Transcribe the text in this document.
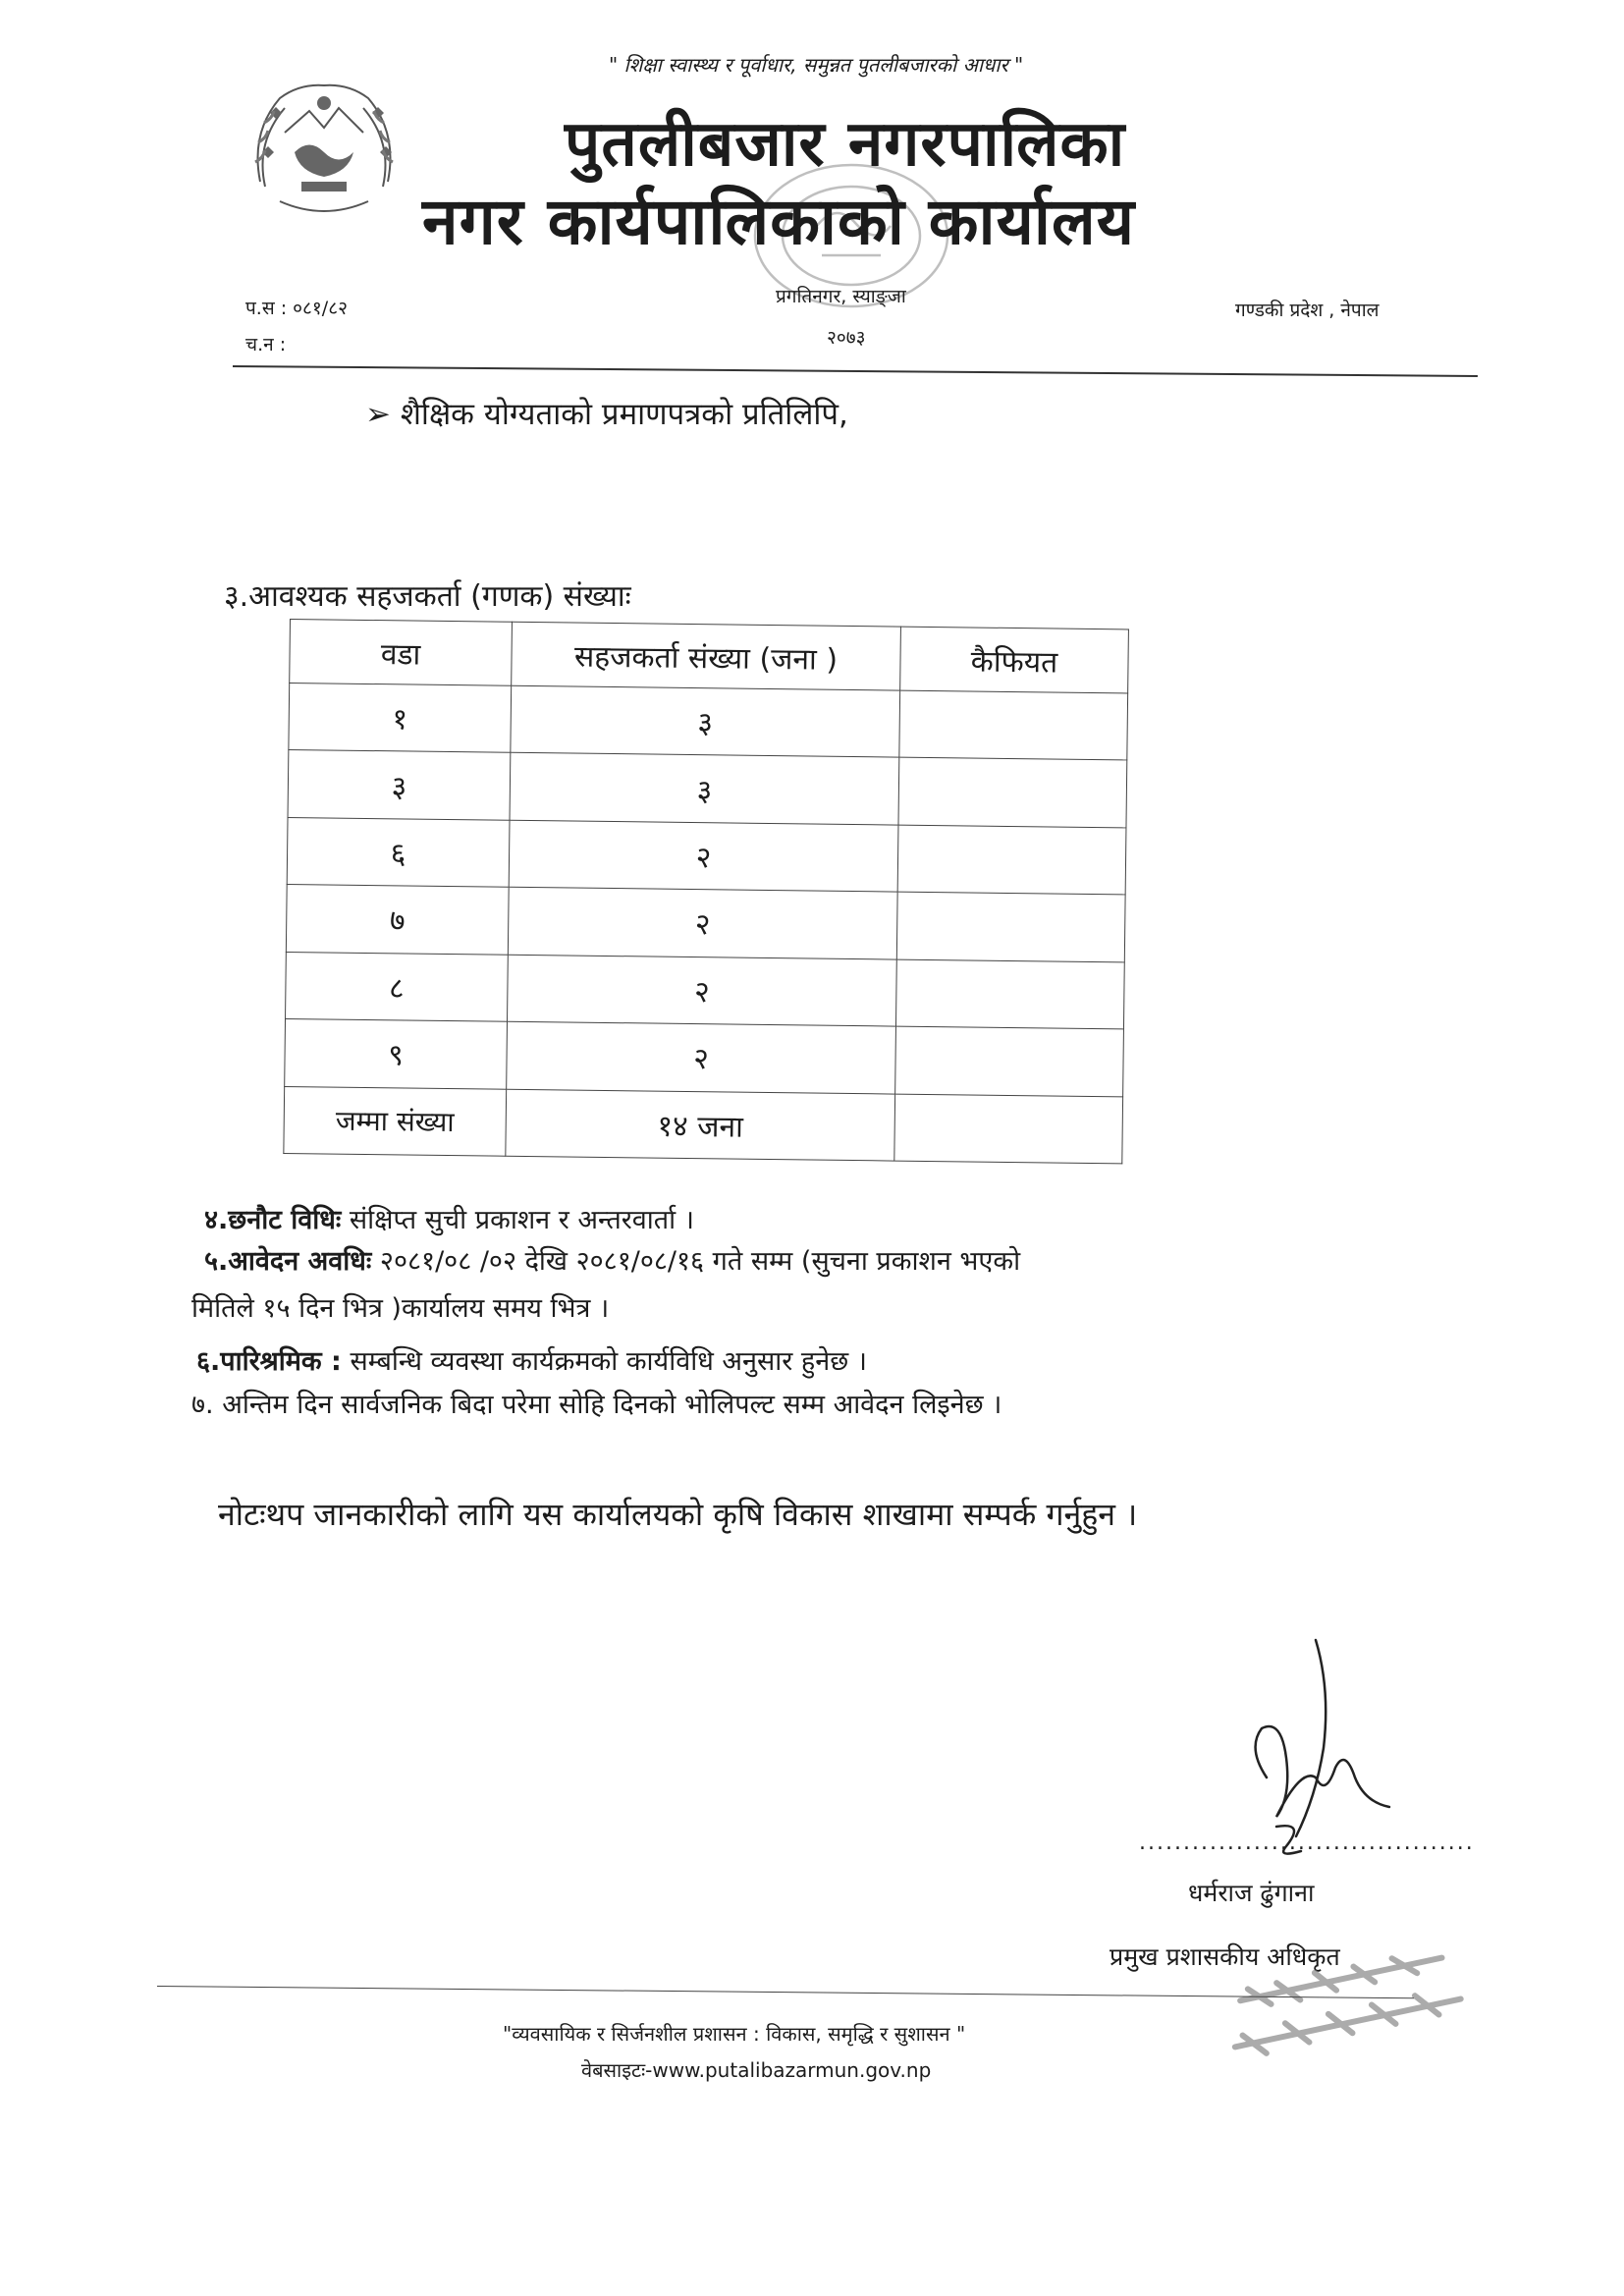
" शिक्षा स्वास्थ्य र पूर्वाधार, समुन्नत पुतलीबजारको आधार "
पुतलीबजार नगरपालिका
नगर कार्यपालिकाको कार्यालय
प.स : ०८१/८२
च.न :
प्रगतिनगर, स्याङ्जा
२०७३
गण्डकी प्रदेश , नेपाल
➢ शैक्षिक योग्यताको प्रमाणपत्रको प्रतिलिपि,
३.आवश्यक सहजकर्ता (गणक) संख्याः
वडा	सहजकर्ता संख्या (जना )	कैफियत
१	३	
३	३	
६	२	
७	२	
८	२	
९	२	
जम्मा संख्या	१४ जना	
४.छनौट विधिः संक्षिप्त सुची प्रकाशन र अन्तरवार्ता ।
५.आवेदन अवधिः २०८१/०८ /०२ देखि २०८१/०८/१६ गते सम्म (सुचना प्रकाशन भएको
मितिले १५ दिन भित्र )कार्यालय समय भित्र ।
६.पारिश्रमिक : सम्बन्धि व्यवस्था कार्यक्रमको कार्यविधि अनुसार हुनेछ ।
७. अन्तिम दिन सार्वजनिक बिदा परेमा सोहि दिनको भोलिपल्ट सम्म आवेदन लिइनेछ ।
नोटःथप जानकारीको लागि यस कार्यालयको कृषि विकास शाखामा सम्पर्क गर्नुहुन ।
......................................
धर्मराज ढुंगाना
प्रमुख प्रशासकीय अधिकृत
"व्यवसायिक र सिर्जनशील प्रशासन : विकास, समृद्धि र सुशासन "
वेबसाइटः-www.putalibazarmun.gov.np
